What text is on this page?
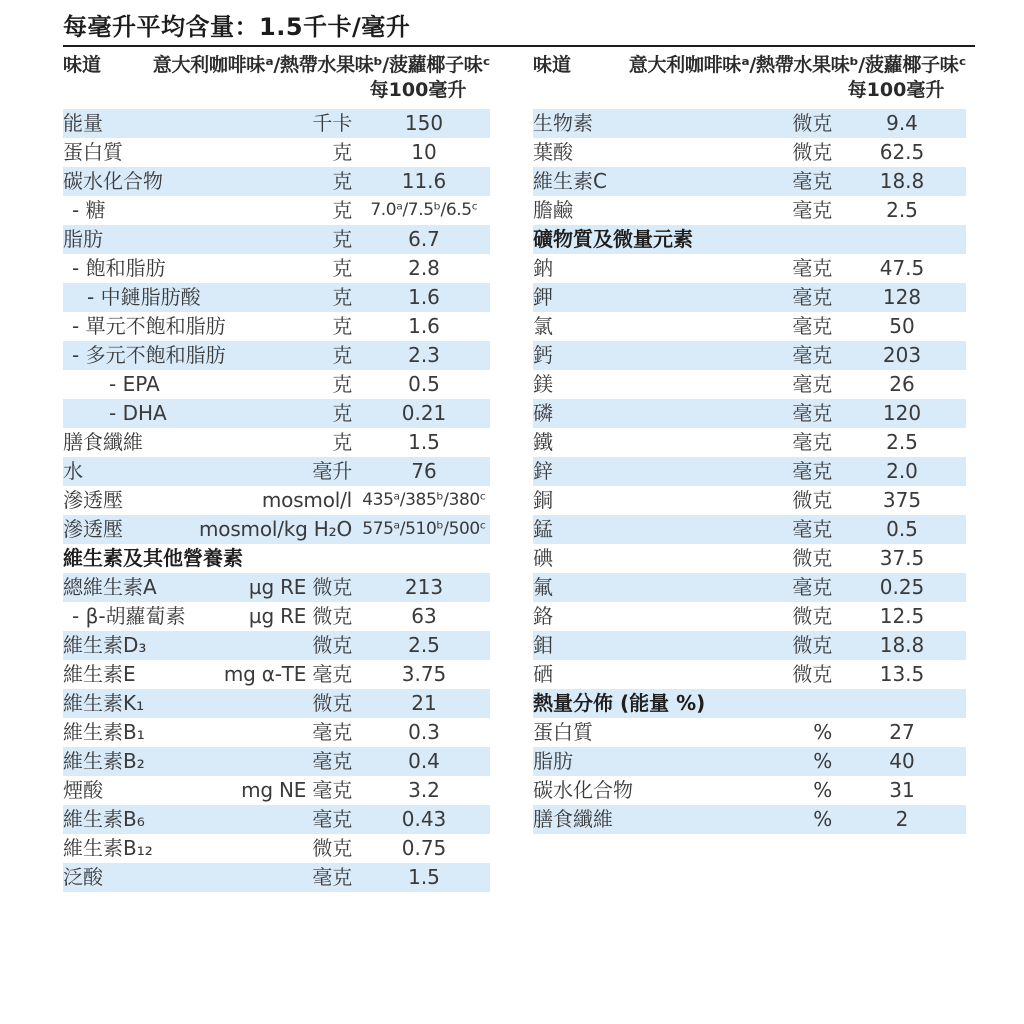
每毫升平均含量：1.5千卡/毫升
味道	意大利咖啡味ᵃ/熱帶水果味ᵇ/菠蘿椰子味ᶜ
每100毫升
能量	千卡	150
蛋白質	克	10
碳水化合物	克	11.6
- 糖	克	7.0ᵃ/7.5ᵇ/6.5ᶜ
脂肪	克	6.7
- 飽和脂肪	克	2.8
- 中鏈脂肪酸	克	1.6
- 單元不飽和脂肪	克	1.6
- 多元不飽和脂肪	克	2.3
- EPA	克	0.5
- DHA	克	0.21
膳食纖維	克	1.5
水	毫升	76
滲透壓	mosmol/l 435ᵃ/385ᵇ/380ᶜ
滲透壓	mosmol/kg H₂O 575ᵃ/510ᵇ/500ᶜ
維生素及其他營養素
總維生素A	µg RE 微克	213
- β-胡蘿蔔素	µg RE 微克	63
維生素D₃	微克	2.5
維生素E	mg α-TE 毫克	3.75
維生素K₁	微克	21
維生素B₁	毫克	0.3
維生素B₂	毫克	0.4
煙酸	mg NE 毫克	3.2
維生素B₆	毫克	0.43
維生素B₁₂	微克	0.75
泛酸	毫克	1.5
味道	意大利咖啡味ᵃ/熱帶水果味ᵇ/菠蘿椰子味ᶜ
每100毫升
生物素	微克	9.4
葉酸	微克	62.5
維生素C	毫克	18.8
膽鹼	毫克	2.5
礦物質及微量元素
鈉	毫克	47.5
鉀	毫克	128
氯	毫克	50
鈣	毫克	203
鎂	毫克	26
磷	毫克	120
鐵	毫克	2.5
鋅	毫克	2.0
銅	微克	375
錳	毫克	0.5
碘	微克	37.5
氟	毫克	0.25
鉻	微克	12.5
鉬	微克	18.8
硒	微克	13.5
熱量分佈 (能量 %)
蛋白質	%	27
脂肪	%	40
碳水化合物	%	31
膳食纖維	%	2
